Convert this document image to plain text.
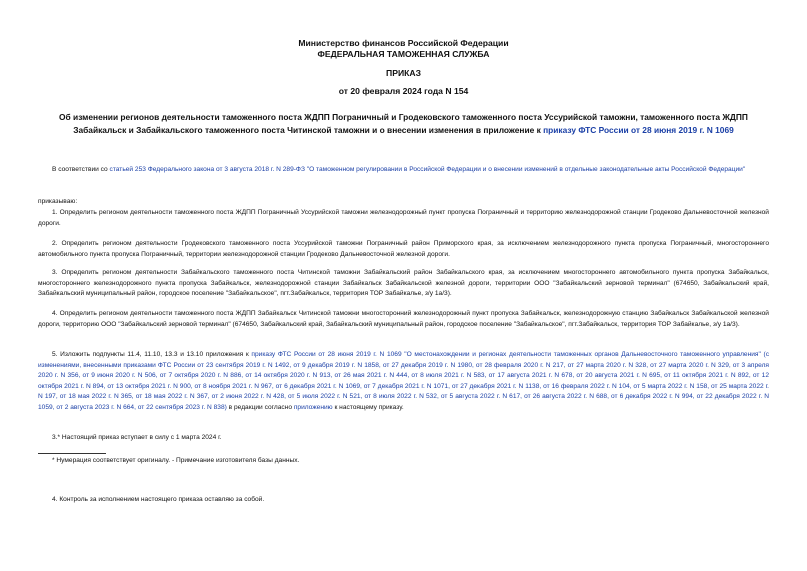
Министерство финансов Российской Федерации
ФЕДЕРАЛЬНАЯ ТАМОЖЕННАЯ СЛУЖБА
ПРИКАЗ
от 20 февраля 2024 года N 154
Об изменении регионов деятельности таможенного поста ЖДПП Пограничный и Гродековского таможенного поста Уссурийской таможни, таможенного поста ЖДПП Забайкальск и Забайкальского таможенного поста Читинской таможни и о внесении изменения в приложение к приказу ФТС России от 28 июня 2019 г. N 1069
В соответствии со статьей 253 Федерального закона от 3 августа 2018 г. N 289-ФЗ "О таможенном регулировании в Российской Федерации и о внесении изменений в отдельные законодательные акты Российской Федерации"
приказываю:
1. Определить регионом деятельности таможенного поста ЖДПП Пограничный Уссурийской таможни железнодорожный пункт пропуска Пограничный и территорию железнодорожной станции Гродеково Дальневосточной железной дороги.
2. Определить регионом деятельности Гродековского таможенного поста Уссурийской таможни Пограничный район Приморского края, за исключением железнодорожного пункта пропуска Пограничный, многостороннего автомобильного пункта пропуска Пограничный, территории железнодорожной станции Гродеково Дальневосточной железной дороги.
3. Определить регионом деятельности Забайкальского таможенного поста Читинской таможни Забайкальский район Забайкальского края, за исключением многостороннего автомобильного пункта пропуска Забайкальск, многостороннего железнодорожного пункта пропуска Забайкальск, железнодорожной станции Забайкальск Забайкальской железной дороги, территории ООО "Забайкальский зерновой терминал" (674650, Забайкальский край, Забайкальский муниципальный район, городское поселение "Забайкальское", пгт.Забайкальск, территория ТОР Забайкалье, з/у 1а/3).
4. Определить регионом деятельности таможенного поста ЖДПП Забайкальск Читинской таможни многосторонний железнодорожный пункт пропуска Забайкальск, железнодорожную станцию Забайкальск Забайкальской железной дороги, территорию ООО "Забайкальский зерновой терминал" (674650, Забайкальский край, Забайкальский муниципальный район, городское поселение "Забайкальское", пгт.Забайкальск, территория ТОР Забайкалье, з/у 1а/3).
5. Изложить подпункты 11.4, 11.10, 13.3 и 13.10 приложения к приказу ФТС России от 28 июня 2019 г. N 1069 "О местонахождении и регионах деятельности таможенных органов Дальневосточного таможенного управления" (с изменениями, внесенными приказами ФТС России от 23 сентября 2019 г. N 1492, от 9 декабря 2019 г. N 1858, от 27 декабря 2019 г. N 1980, от 28 февраля 2020 г. N 217, от 27 марта 2020 г. N 328, от 27 марта 2020 г. N 329, от 3 апреля 2020 г. N 356, от 9 июня 2020 г. N 506, от 7 октября 2020 г. N 886, от 14 октября 2020 г. N 913, от 26 мая 2021 г. N 444, от 8 июля 2021 г. N 583, от 17 августа 2021 г. N 678, от 20 августа 2021 г. N 695, от 11 октября 2021 г. N 892, от 12 октября 2021 г. N 894, от 13 октября 2021 г. N 900, от 8 ноября 2021 г. N 967, от 6 декабря 2021 г. N 1069, от 7 декабря 2021 г. N 1071, от 27 декабря 2021 г. N 1138, от 16 февраля 2022 г. N 104, от 5 марта 2022 г. N 158, от 25 марта 2022 г. N 197, от 18 мая 2022 г. N 365, от 18 мая 2022 г. N 367, от 2 июня 2022 г. N 428, от 5 июля 2022 г. N 521, от 8 июля 2022 г. N 532, от 5 августа 2022 г. N 617, от 26 августа 2022 г. N 688, от 6 декабря 2022 г. N 994, от 22 декабря 2022 г. N 1059, от 2 августа 2023 г. N 664, от 22 сентября 2023 г. N 838) в редакции согласно приложению к настоящему приказу.
3.* Настоящий приказ вступает в силу с 1 марта 2024 г.
* Нумерация соответствует оригиналу. - Примечание изготовителя базы данных.
4. Контроль за исполнением настоящего приказа оставляю за собой.
